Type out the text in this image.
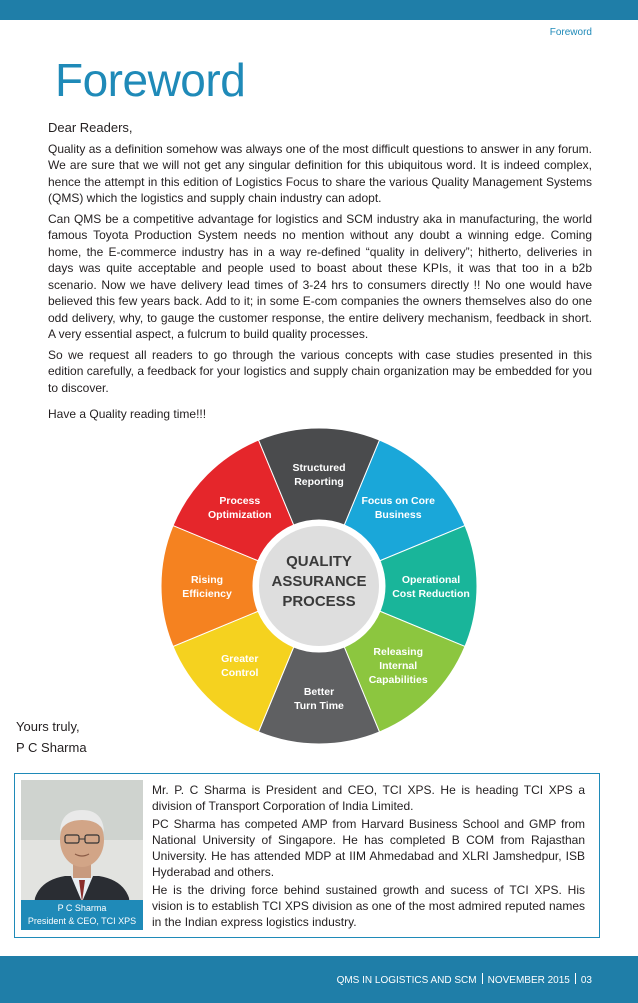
Foreword
Foreword

Dear Readers,

Quality as a definition somehow was always one of the most difficult questions to answer in any forum. We are sure that we will not get any singular definition for this ubiquitous word. It is indeed complex, hence the attempt in this edition of Logistics Focus to share the various Quality Management Systems (QMS) which the logistics and supply chain industry can adopt.

Can QMS be a competitive advantage for logistics and SCM industry aka in manufacturing, the world famous Toyota Production System needs no mention without any doubt a winning edge. Coming home, the E-commerce industry has in a way re-defined “quality in delivery”; hitherto, deliveries in days was quite acceptable and people used to boast about these KPIs, it was that too in a b2b scenario. Now we have delivery lead times of 3-24 hrs to consumers directly !! No one would have believed this few years back. Add to it; in some E-com companies the owners themselves also do one odd delivery, why, to gauge the customer response, the entire delivery mechanism, feedback in short. A very essential aspect, a fulcrum to build quality processes.

So we request all readers to go through the various concepts with case studies presented in this edition carefully, a feedback for your logistics and supply chain organization may be embedded for you to discover.

Have a Quality reading time!!!

QUALITY
ASSURANCE
PROCESS
Focus on Core
Business
Operational
Cost Reduction
Releasing
Internal
Capabilities
Better
Turn Time
Greater
Control
Rising
Efficiency
Process
Optimization
Structured
Reporting
Yours truly,
P C Sharma
P C Sharma
President & CEO, TCI XPS

Mr. P. C Sharma is President and CEO, TCI XPS. He is heading TCI XPS a division of Transport Corporation of India Limited.

PC Sharma has competed AMP from Harvard Business School and GMP from National University of Singapore. He has completed B COM from Rajasthan University. He has attended MDP at IIM Ahmedabad and XLRI Jamshedpur, ISB Hyderabad and others.

He is the driving force behind sustained growth and sucess of TCI XPS. His vision is to establish TCI XPS division as one of the most admired reputed names in the Indian express logistics industry.

QMS IN LOGISTICS AND SCM NOVEMBER 2015 03
